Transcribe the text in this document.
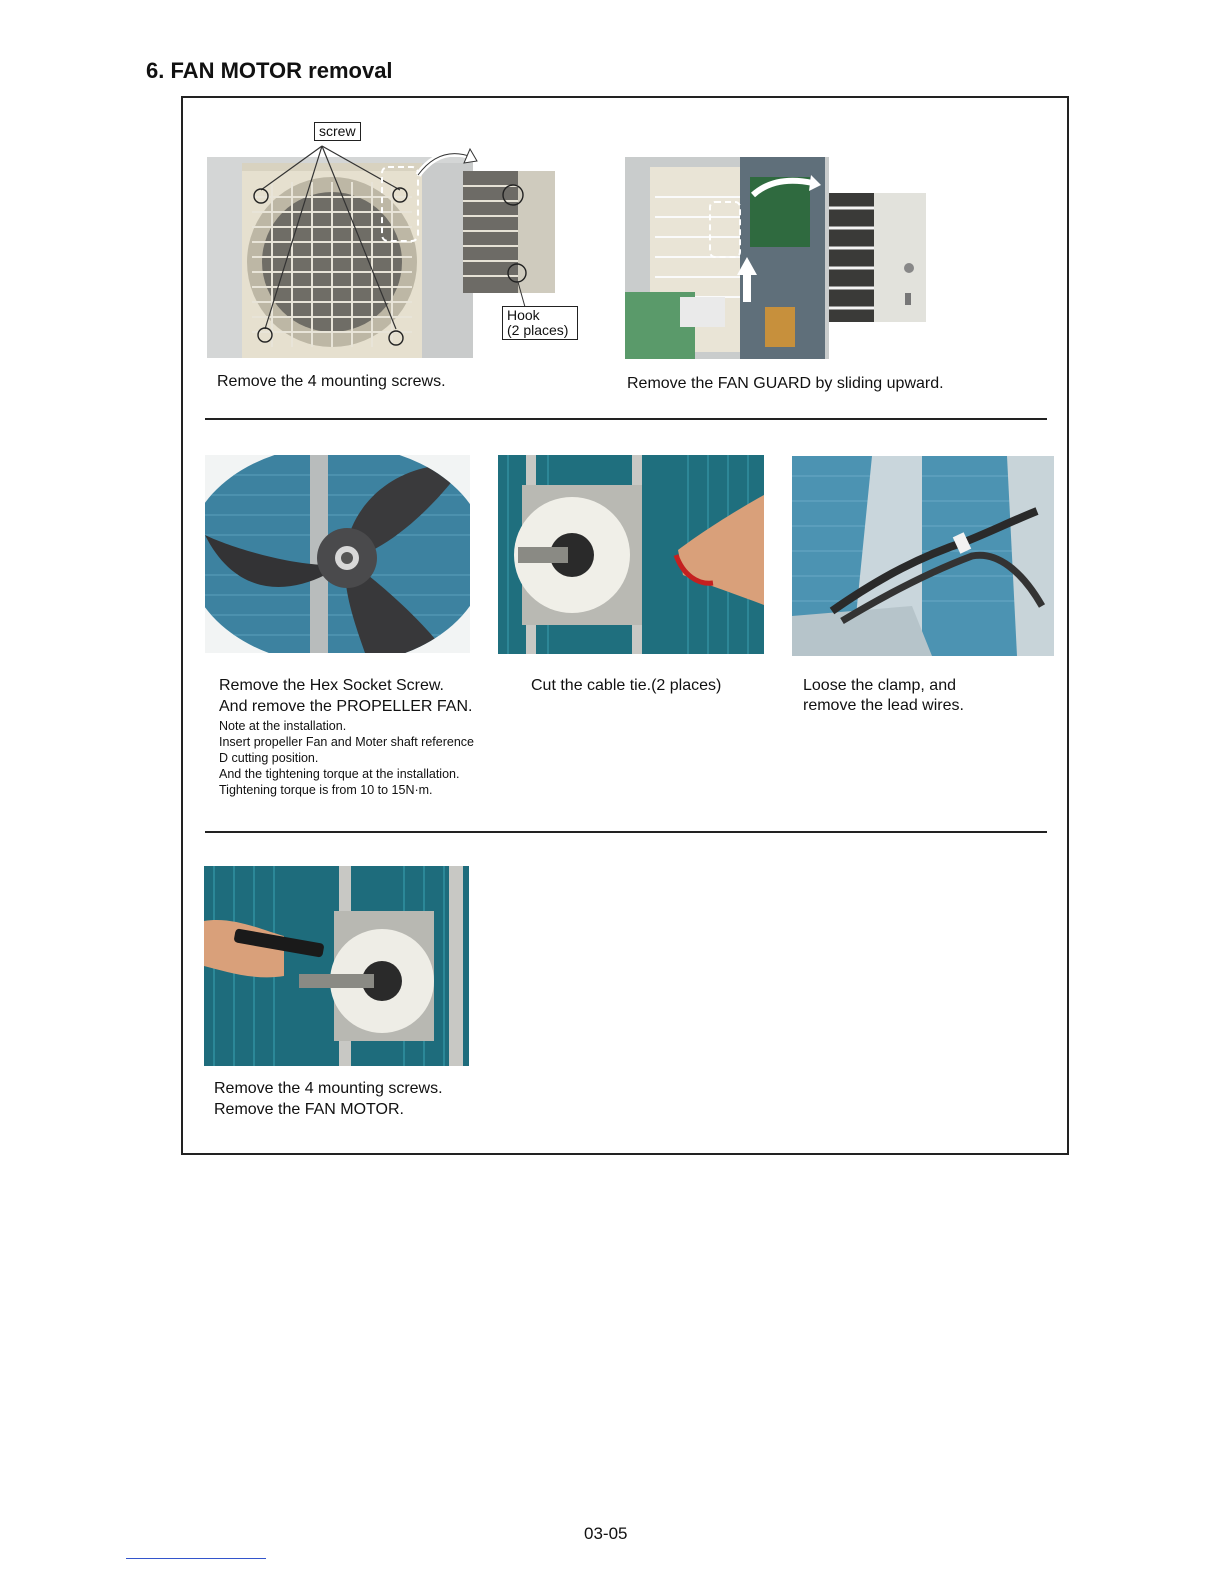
6. FAN MOTOR removal
screw
Hook
(2 places)
Remove the 4 mounting screws.	Remove the FAN GUARD by sliding upward.
Remove the Hex Socket Screw.
And remove the PROPELLER FAN.
Note at the installation.
Insert propeller Fan and Moter shaft reference
D cutting position.
And the tightening torque at the installation.
Tightening torque is from 10 to 15N·m.
Cut the cable tie.(2 places)	Loose the clamp, and
remove the lead wires.
Remove the 4 mounting screws.
Remove the FAN MOTOR.
03-05
